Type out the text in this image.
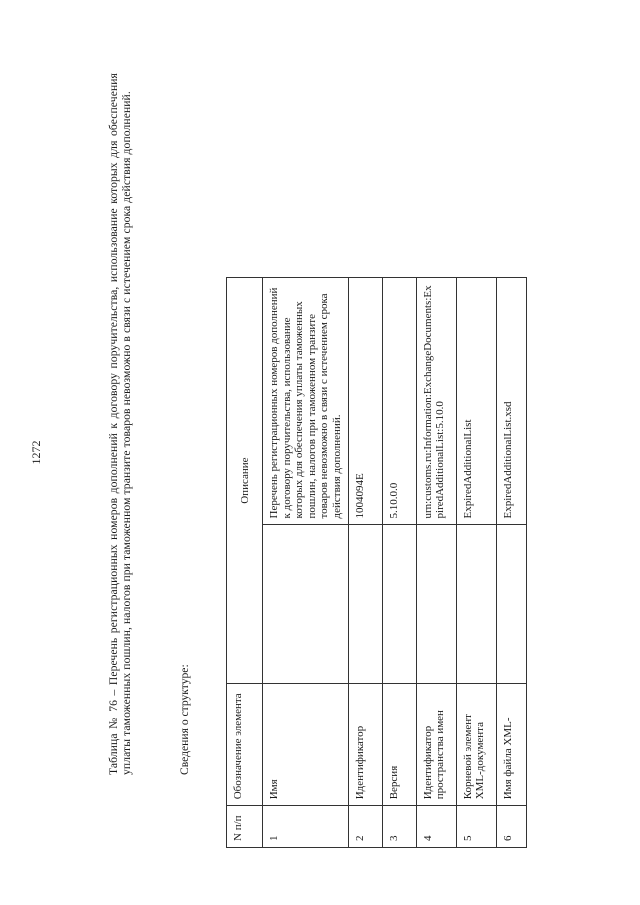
1272	Таблица № 76 – Перечень регистрационных номеров дополнений к договору поручительства, использование которых для обеспечения уплаты таможенных пошлин, налогов при таможенном транзите товаров невозможно в связи с истечением срока действия дополнений.	Сведения о структуре:
N п/п	Обозначение элемента	Описание	
1	Имя		Перечень регистрационных номеров дополнений к договору поручительства, использование которых для обеспечения уплаты таможенных пошлин, налогов при таможенном транзите товаров невозможно в связи с истечением срока действия дополнений.
2	Идентификатор		1004094E
3	Версия		5.10.0.0
4	Идентификатор пространства имен		urn:customs.ru:Information:ExchangeDocuments:ExpiredAdditionalList:5.10.0
5	Корневой элемент XML-документа		ExpiredAdditionalList
6	Имя файла XML-		ExpiredAdditionalList.xsd
